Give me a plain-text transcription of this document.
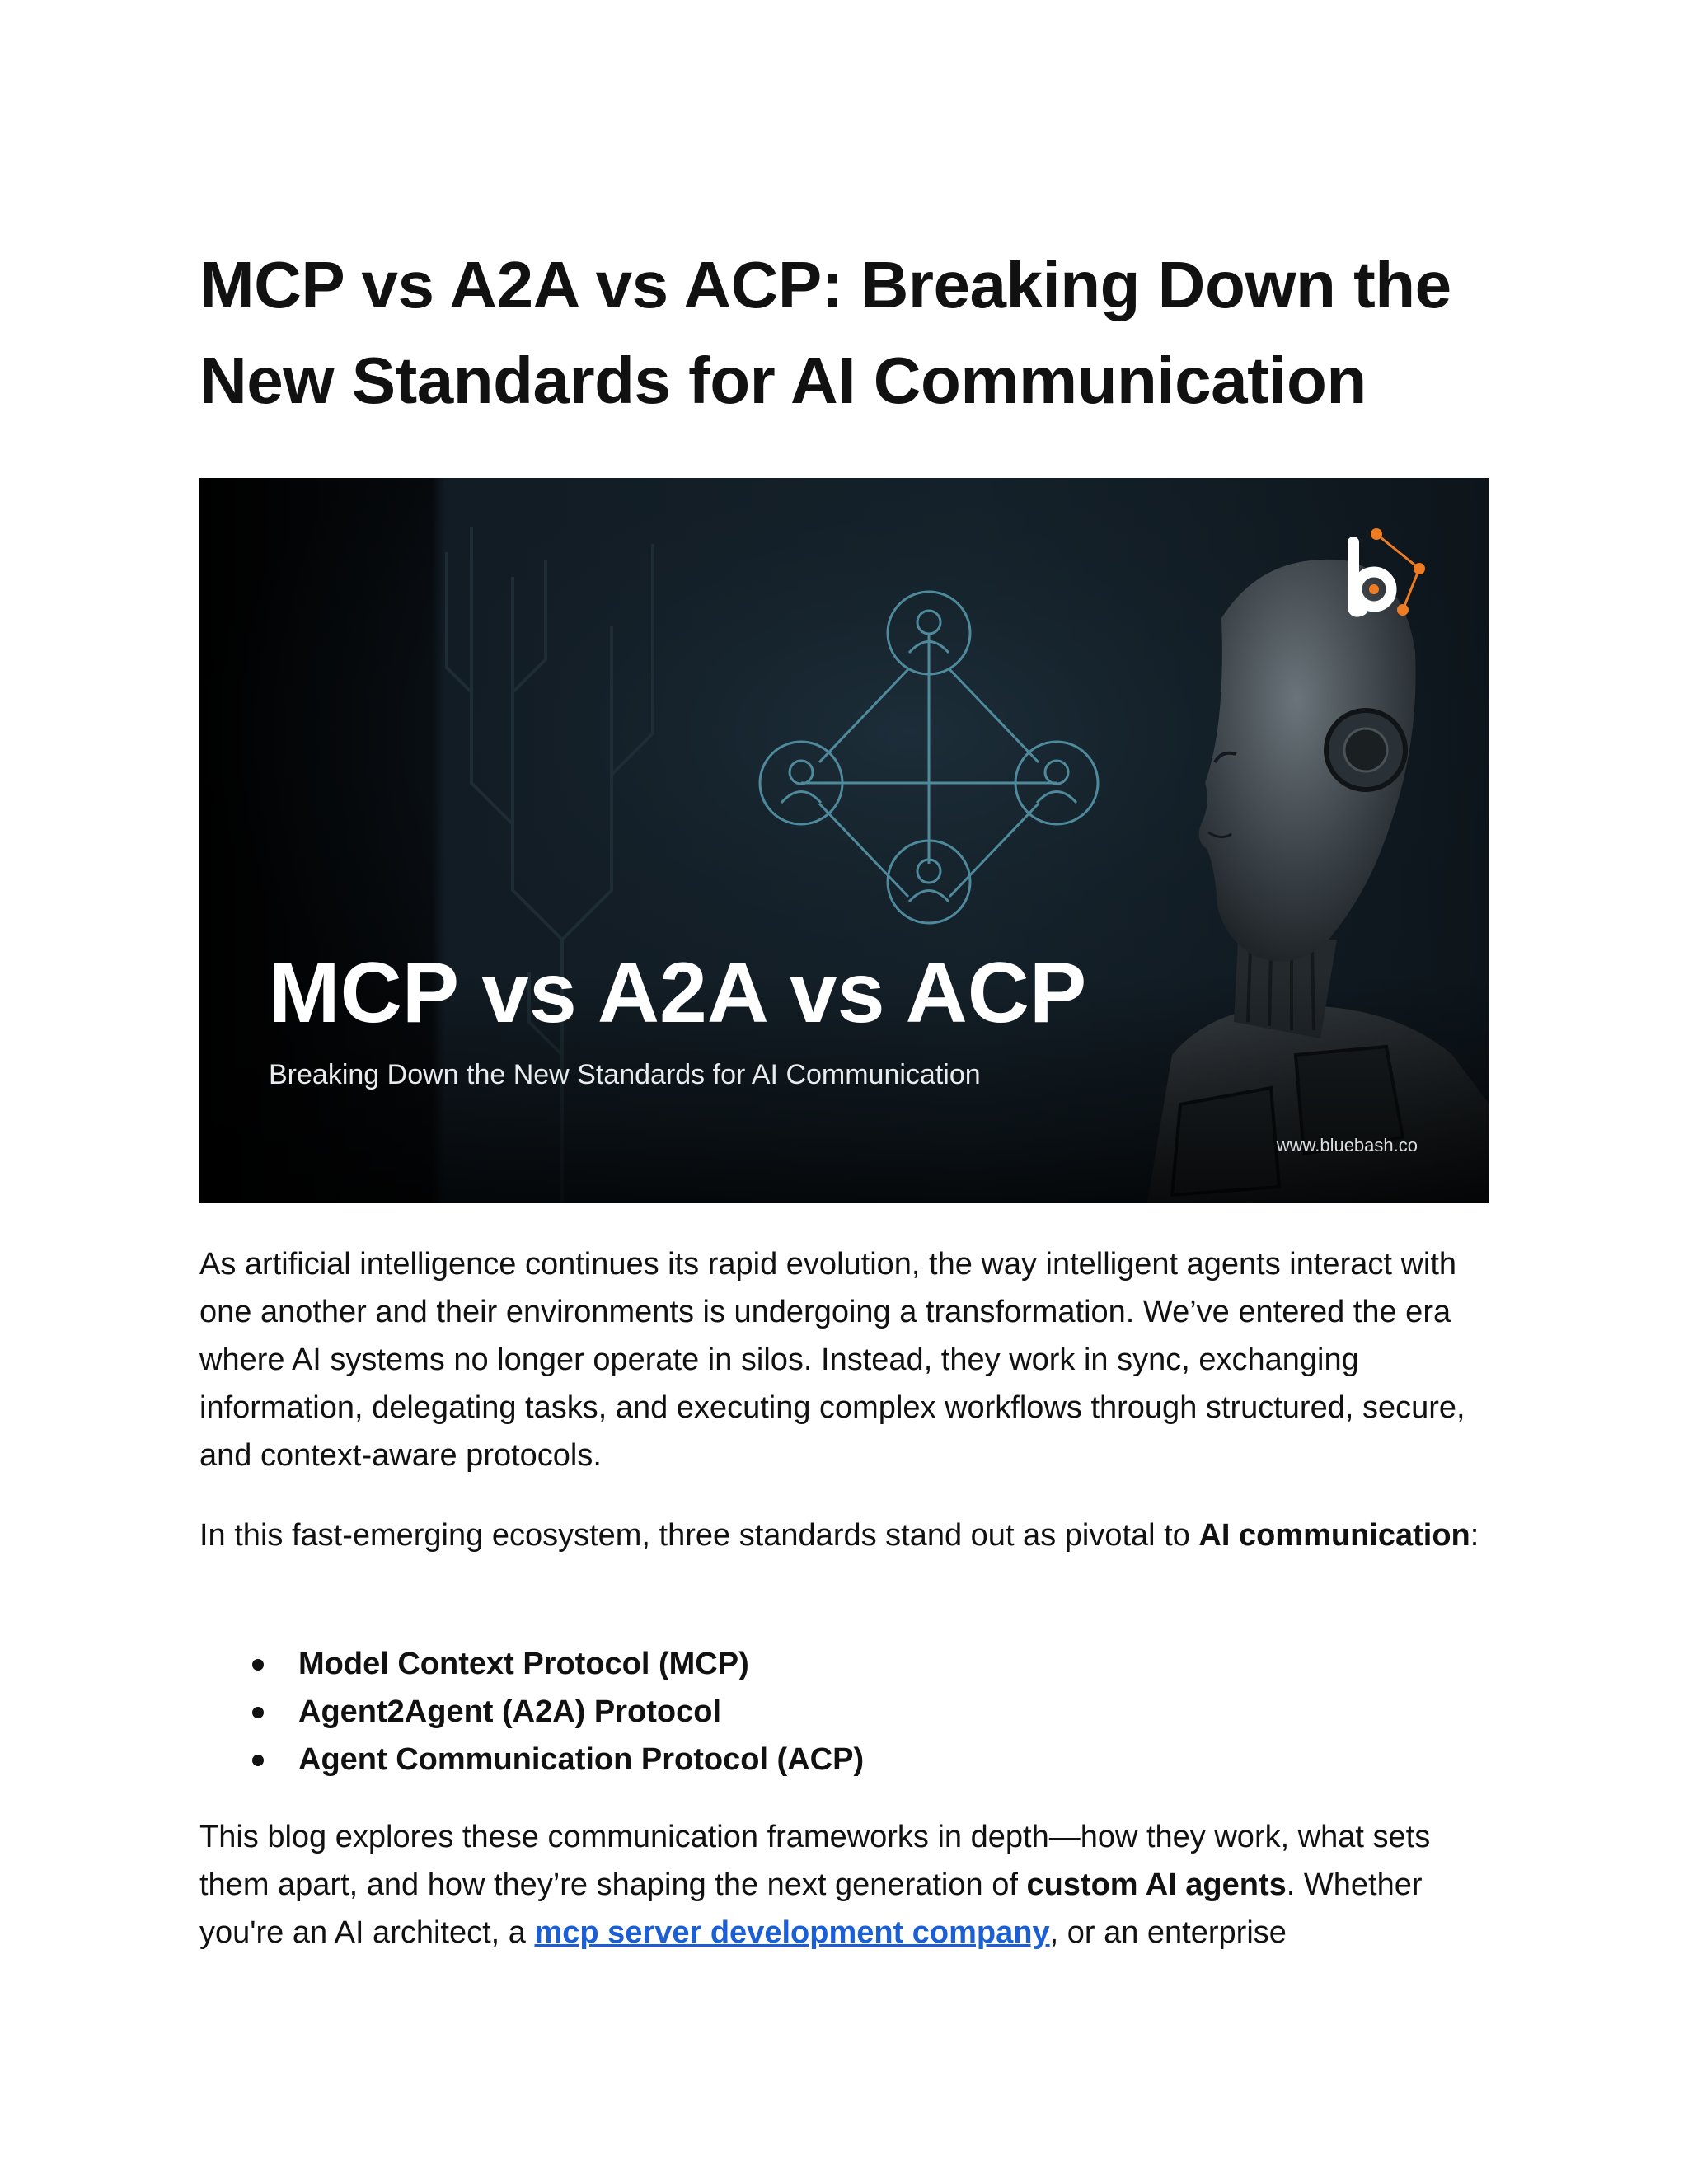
MCP vs A2A vs ACP: Breaking Down the New Standards for AI Communication
MCP vs A2A vs ACP
Breaking Down the New Standards for AI Communication
www.bluebash.co

As artificial intelligence continues its rapid evolution, the way intelligent agents interact with one another and their environments is undergoing a transformation. We’ve entered the era where AI systems no longer operate in silos. Instead, they work in sync, exchanging information, delegating tasks, and executing complex workflows through structured, secure, and context-aware protocols.

In this fast-emerging ecosystem, three standards stand out as pivotal to AI communication:

Model Context Protocol (MCP)
Agent2Agent (A2A) Protocol
Agent Communication Protocol (ACP)

This blog explores these communication frameworks in depth—how they work, what sets them apart, and how they’re shaping the next generation of custom AI agents. Whether you're an AI architect, a mcp server development company, or an enterprise
